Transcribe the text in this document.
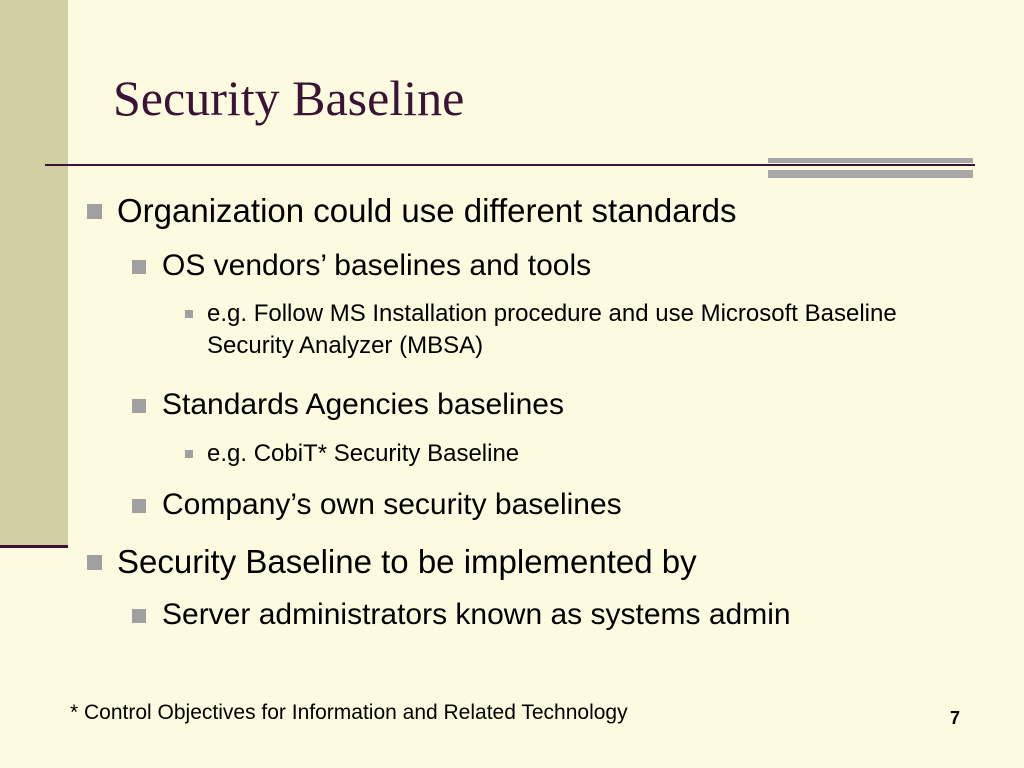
Security Baseline
Organization could use different standards
OS vendors’ baselines and tools
e.g. Follow MS Installation procedure and use Microsoft Baseline Security Analyzer (MBSA)
Standards Agencies baselines
e.g. CobiT* Security Baseline
Company’s own security baselines
Security Baseline to be implemented by
Server administrators known as systems admin
* Control Objectives for Information and Related Technology	7
